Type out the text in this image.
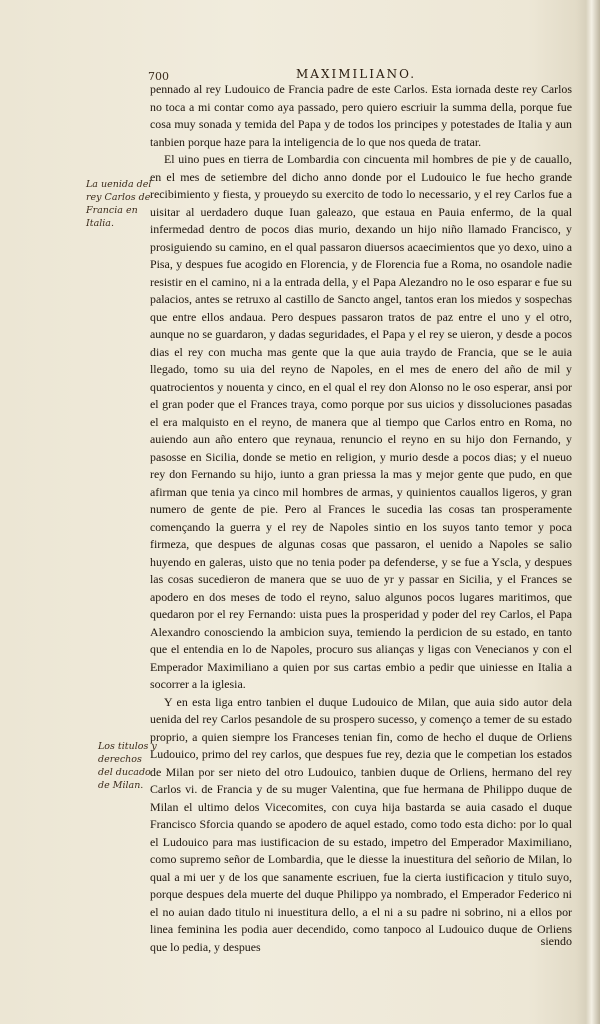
700	MAXIMILIANO.
La uenida del rey Carlos de Francia en Italia.
Los titulos y derechos del ducado de Milan.

pennado al rey Ludouico de Francia padre de este Carlos. Esta iornada deste rey Carlos no toca a mi contar como aya passado, pero quiero escriuir la summa della, porque fue cosa muy sonada y temida del Papa y de todos los principes y potestades de Italia y aun tanbien porque haze para la inteligencia de lo que nos queda de tratar.

El uino pues en tierra de Lombardia con cincuenta mil hombres de pie y de cauallo, en el mes de setiembre del dicho anno donde por el Ludouico le fue hecho grande recibimiento y fiesta, y proueydo su exercito de todo lo necessario, y el rey Carlos fue a uisitar al uerdadero duque Iuan galeazo, que estaua en Pauia enfermo, de la qual infermedad dentro de pocos dias murio, dexando un hijo niño llamado Francisco, y prosiguiendo su camino, en el qual passaron diuersos acaecimientos que yo dexo, uino a Pisa, y despues fue acogido en Florencia, y de Florencia fue a Roma, no osandole nadie resistir en el camino, ni a la entrada della, y el Papa Alezandro no le oso esparar e fue su palacios, antes se retruxo al castillo de Sancto angel, tantos eran los miedos y sospechas que entre ellos andaua. Pero despues passaron tratos de paz entre el uno y el otro, aunque no se guardaron, y dadas seguridades, el Papa y el rey se uieron, y desde a pocos dias el rey con mucha mas gente que la que auia traydo de Francia, que se le auia llegado, tomo su uia del reyno de Napoles, en el mes de enero del año de mil y quatrocientos y nouenta y cinco, en el qual el rey don Alonso no le oso esperar, ansi por el gran poder que el Frances traya, como porque por sus uicios y dissoluciones pasadas el era malquisto en el reyno, de manera que al tiempo que Carlos entro en Roma, no auiendo aun año entero que reynaua, renuncio el reyno en su hijo don Fernando, y pasosse en Sicilia, donde se metio en religion, y murio desde a pocos dias; y el nueuo rey don Fernando su hijo, iunto a gran priessa la mas y mejor gente que pudo, en que afirman que tenia ya cinco mil hombres de armas, y quinientos cauallos ligeros, y gran numero de gente de pie. Pero al Frances le sucedia las cosas tan prosperamente començando la guerra y el rey de Napoles sintio en los suyos tanto temor y poca firmeza, que despues de algunas cosas que passaron, el uenido a Napoles se salio huyendo en galeras, uisto que no tenia poder pa defenderse, y se fue a Yscla, y despues las cosas sucedieron de manera que se uuo de yr y passar en Sicilia, y el Frances se apodero en dos meses de todo el reyno, saluo algunos pocos lugares maritimos, que quedaron por el rey Fernando: uista pues la prosperidad y poder del rey Carlos, el Papa Alexandro conosciendo la ambicion suya, temiendo la perdicion de su estado, en tanto que el entendia en lo de Napoles, procuro sus alianças y ligas con Venecianos y con el Emperador Maximiliano a quien por sus cartas embio a pedir que uiniesse en Italia a socorrer a la iglesia.

Y en esta liga entro tanbien el duque Ludouico de Milan, que auia sido autor dela uenida del rey Carlos pesandole de su prospero sucesso, y començo a temer de su estado proprio, a quien siempre los Franceses tenian fin, como de hecho el duque de Orliens Ludouico, primo del rey carlos, que despues fue rey, dezia que le competian los estados de Milan por ser nieto del otro Ludouico, tanbien duque de Orliens, hermano del rey Carlos vi. de Francia y de su muger Valentina, que fue hermana de Philippo duque de Milan el ultimo delos Vicecomites, con cuya hija bastarda se auia casado el duque Francisco Sforcia quando se apodero de aquel estado, como todo esta dicho: por lo qual el Ludouico para mas iustificacion de su estado, impetro del Emperador Maximiliano, como supremo señor de Lombardia, que le diesse la inuestitura del señorio de Milan, lo qual a mi uer y de los que sanamente escriuen, fue la cierta iustificacion y titulo suyo, porque despues dela muerte del duque Philippo ya nombrado, el Emperador Federico ni el no auian dado titulo ni inuestitura dello, a el ni a su padre ni sobrino, ni a ellos por linea feminina les podia auer decendido, como tanpoco al Ludouico duque de Orliens que lo pedia, y despues	siendo
